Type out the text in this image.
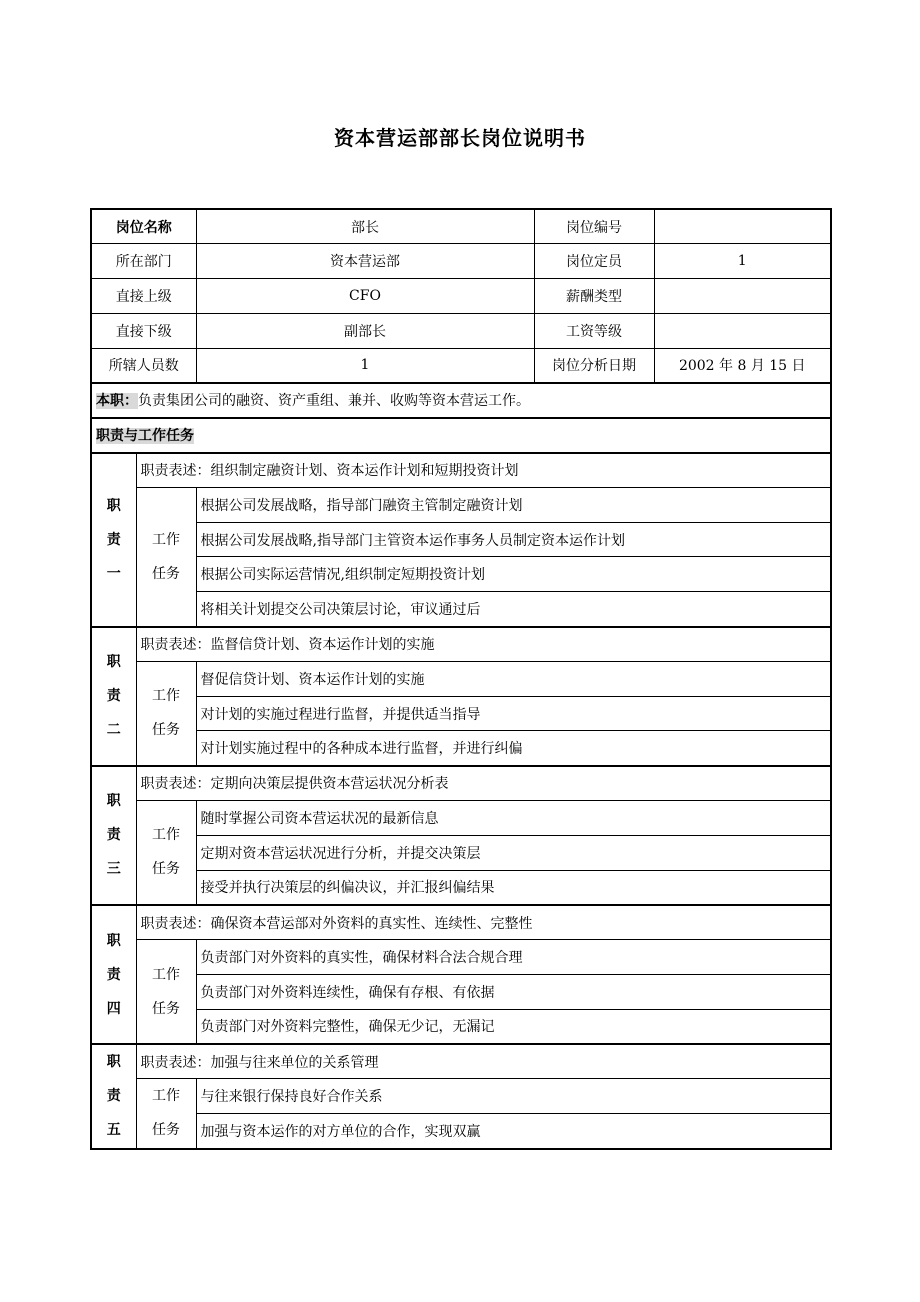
资本营运部部长岗位说明书
岗位名称		部长	岗位编号	
所在部门		资本营运部	岗位定员	1
直接上级		CFO	薪酬类型	
直接下级		副部长	工资等级	
所辖人员数		1	岗位分析日期	2002 年 8 月 15 日
本职：负责集团公司的融资、资产重组、兼并、收购等资本营运工作。				
职责与工作任务				

职
责
一	职责表述：组织制定融资计划、资本运作计划和短期投资计划			

	工作
任务	根据公司发展战略，指导部门融资主管制定融资计划		
		根据公司发展战略,指导部门主管资本运作事务人员制定资本运作计划		
		根据公司实际运营情况,组织制定短期投资计划		
		将相关计划提交公司决策层讨论，审议通过后		

职
责
二	职责表述：监督信贷计划、资本运作计划的实施			

	工作
任务	督促信贷计划、资本运作计划的实施		
		对计划的实施过程进行监督，并提供适当指导		
		对计划实施过程中的各种成本进行监督，并进行纠偏		

职
责
三	职责表述：定期向决策层提供资本营运状况分析表			

	工作
任务	随时掌握公司资本营运状况的最新信息		
		定期对资本营运状况进行分析，并提交决策层		
		接受并执行决策层的纠偏决议，并汇报纠偏结果		

职
责
四	职责表述：确保资本营运部对外资料的真实性、连续性、完整性			

	工作
任务	负责部门对外资料的真实性，确保材料合法合规合理		
		负责部门对外资料连续性，确保有存根、有依据		
		负责部门对外资料完整性，确保无少记，无漏记		

职
责
五	职责表述：加强与往来单位的关系管理			

	工作
任务	与往来银行保持良好合作关系		
		加强与资本运作的对方单位的合作，实现双赢		
